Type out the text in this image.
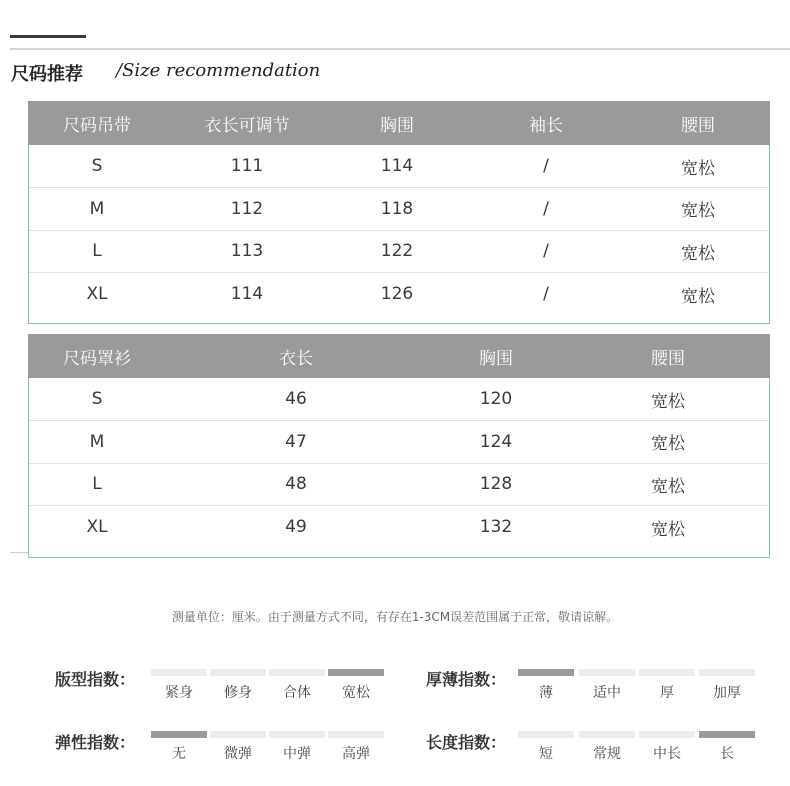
尺码推荐 /Size recommendation
尺码吊带	衣长可调节	胸围	袖长	腰围
S	111	114	/	宽松
M	112	118	/	宽松
L	113	122	/	宽松
XL	114	126	/	宽松
尺码罩衫	衣长	胸围	腰围
S	46	120	宽松
M	47	124	宽松
L	48	128	宽松
XL	49	132	宽松
测量单位：厘米。由于测量方式不同，有存在1-3CM误差范围属于正常，敬请谅解。
版型指数：
紧身	修身	合体	宽松
厚薄指数：
薄	适中	厚	加厚
弹性指数：
无	微弹	中弹	高弹
长度指数：
短	常规	中长	长
